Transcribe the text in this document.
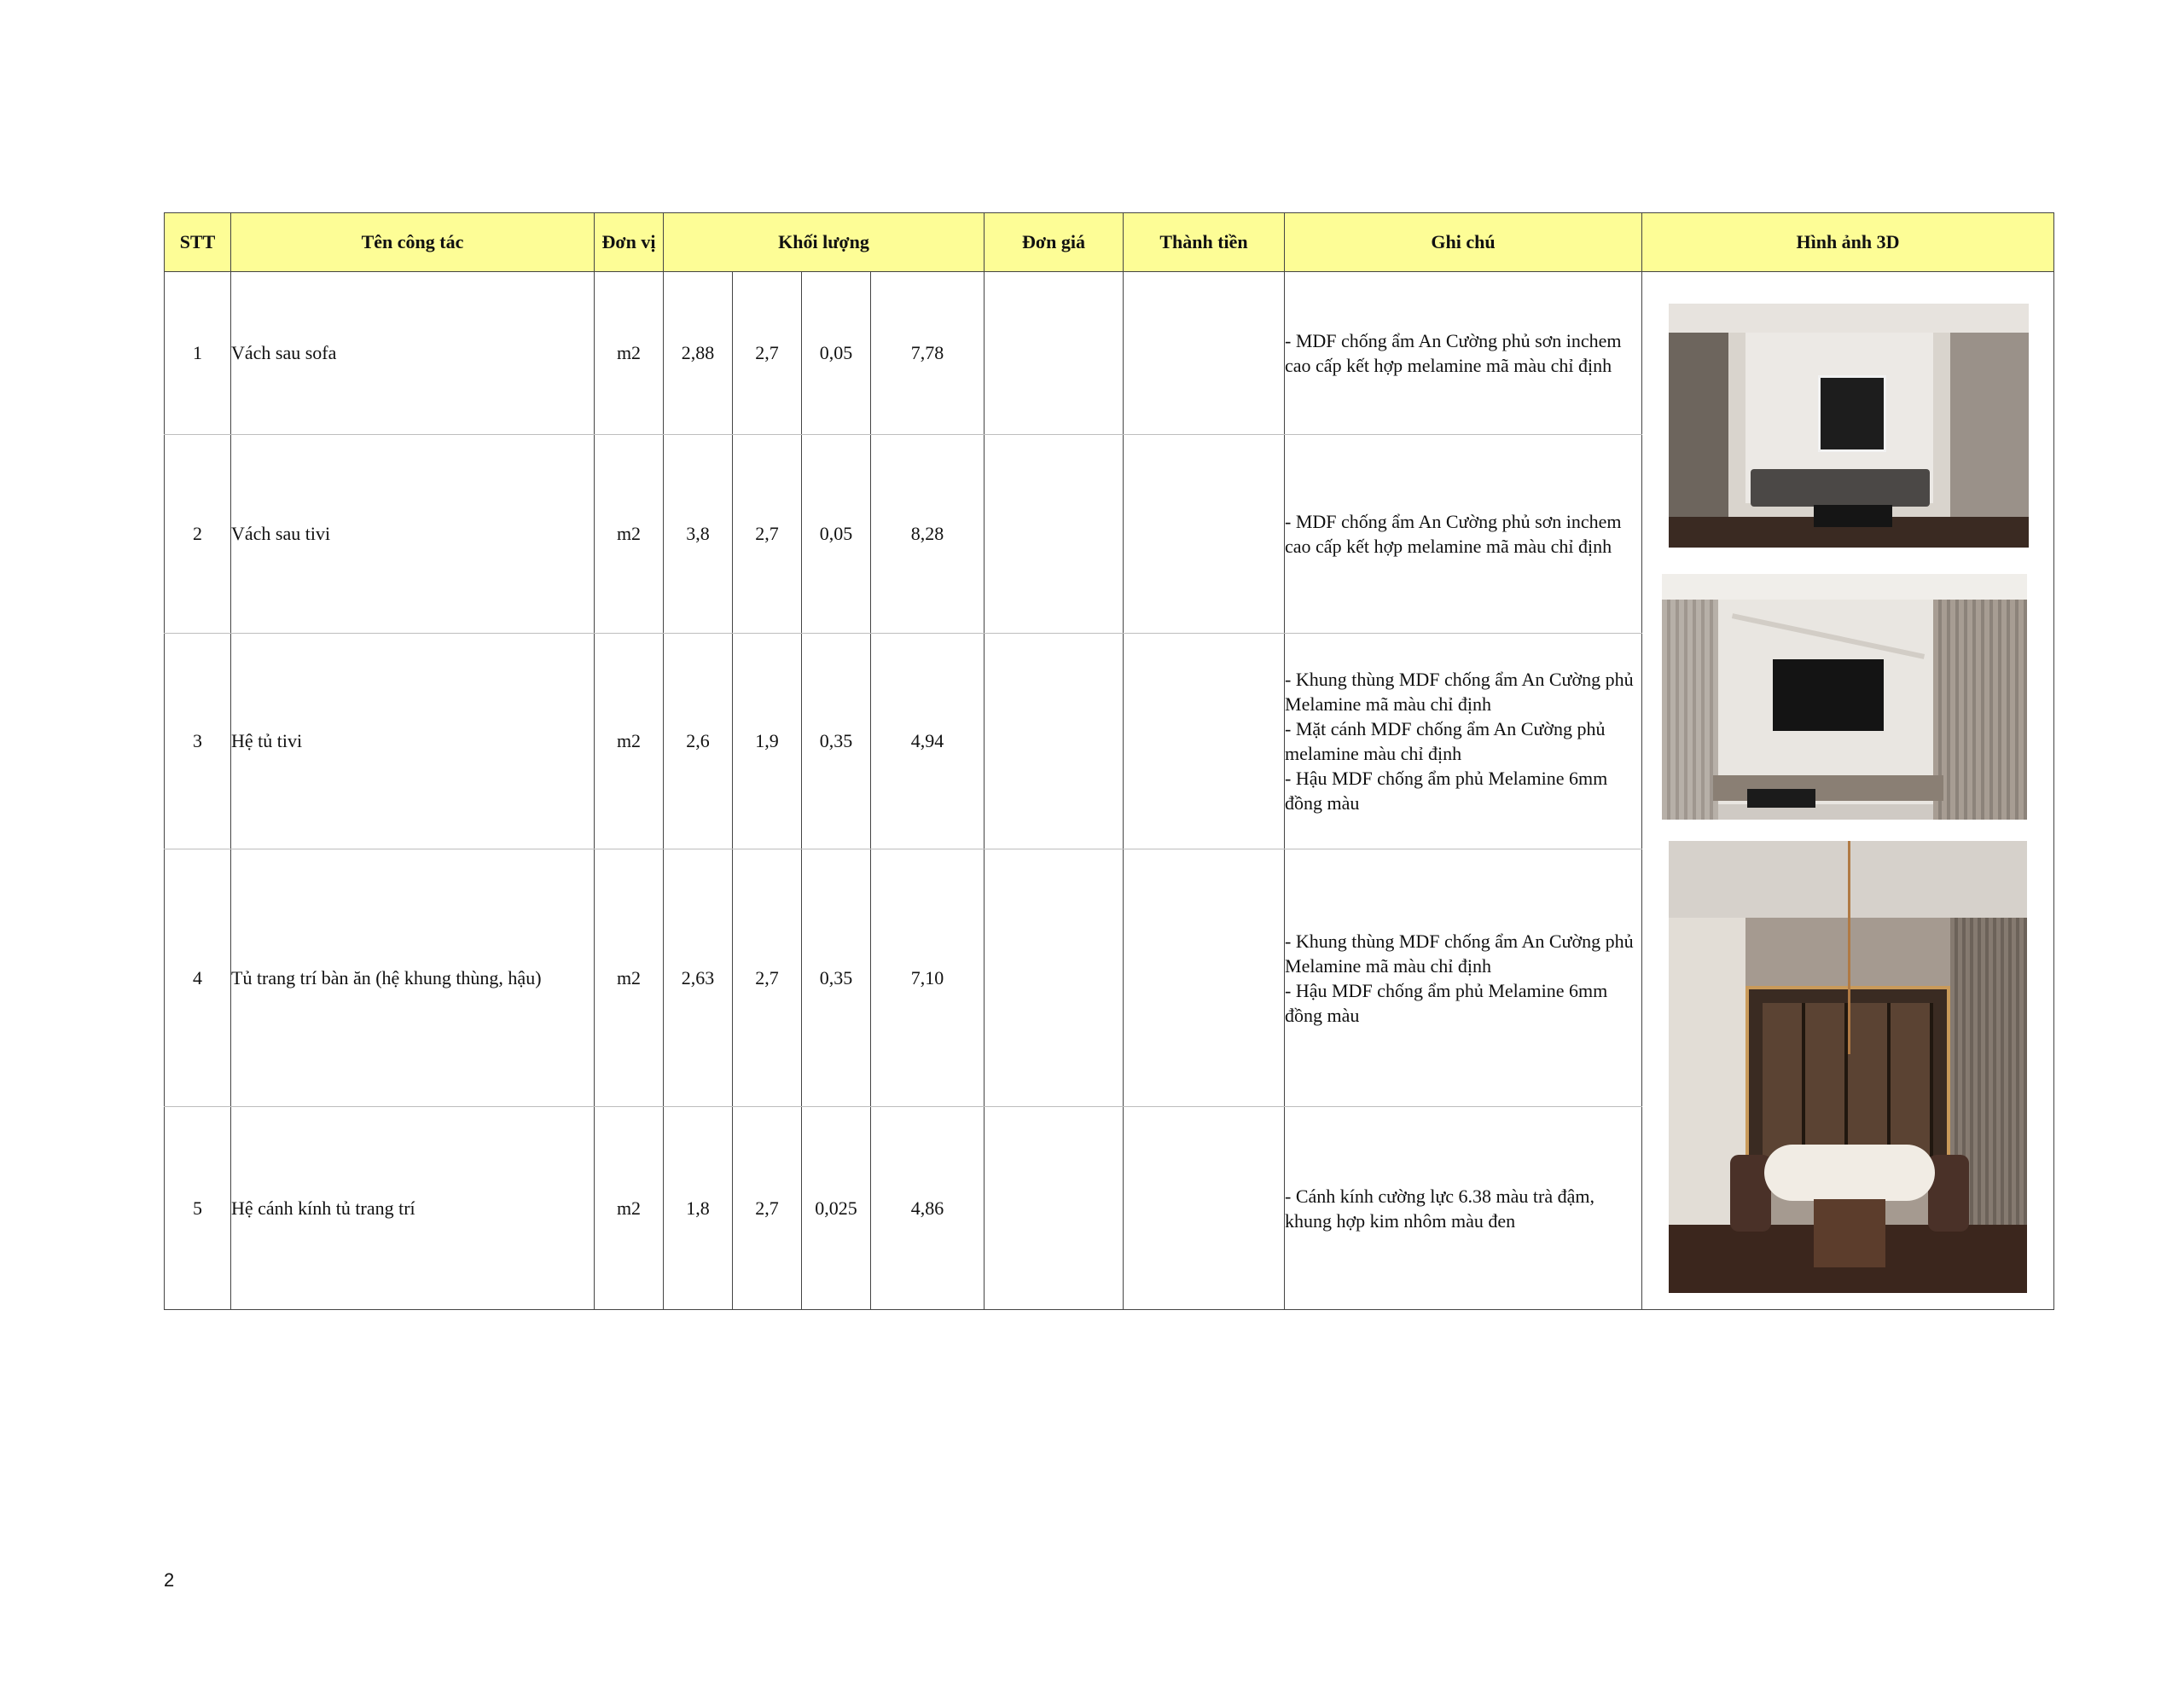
STT	Tên công tác	Đơn vị	Khối lượng				Đơn giá	Thành tiền	Ghi chú	Hình ảnh 3D
1	Vách sau sofa	m2	2,88	2,7	0,05	7,78			- MDF chống ẩm An Cường phủ sơn inchem cao cấp kết hợp melamine mã màu chỉ định	
2	Vách sau tivi	m2	3,8	2,7	0,05	8,28			- MDF chống ẩm An Cường phủ sơn inchem cao cấp kết hợp melamine mã màu chỉ định	
3	Hệ tủ tivi	m2	2,6	1,9	0,35	4,94			- Khung thùng MDF chống ẩm An Cường phủ Melamine mã màu chỉ định
- Mặt cánh MDF chống ẩm An Cường phủ melamine màu chỉ định
- Hậu MDF chống ẩm phủ Melamine 6mm đồng màu	
4	Tủ trang trí bàn ăn (hệ khung thùng, hậu)	m2	2,63	2,7	0,35	7,10			- Khung thùng MDF chống ẩm An Cường phủ Melamine mã màu chỉ định
- Hậu MDF chống ẩm phủ Melamine 6mm đồng màu	
5	Hệ cánh kính tủ trang trí	m2	1,8	2,7	0,025	4,86			- Cánh kính cường lực 6.38 màu trà đậm, khung hợp kim nhôm màu đen	
2
